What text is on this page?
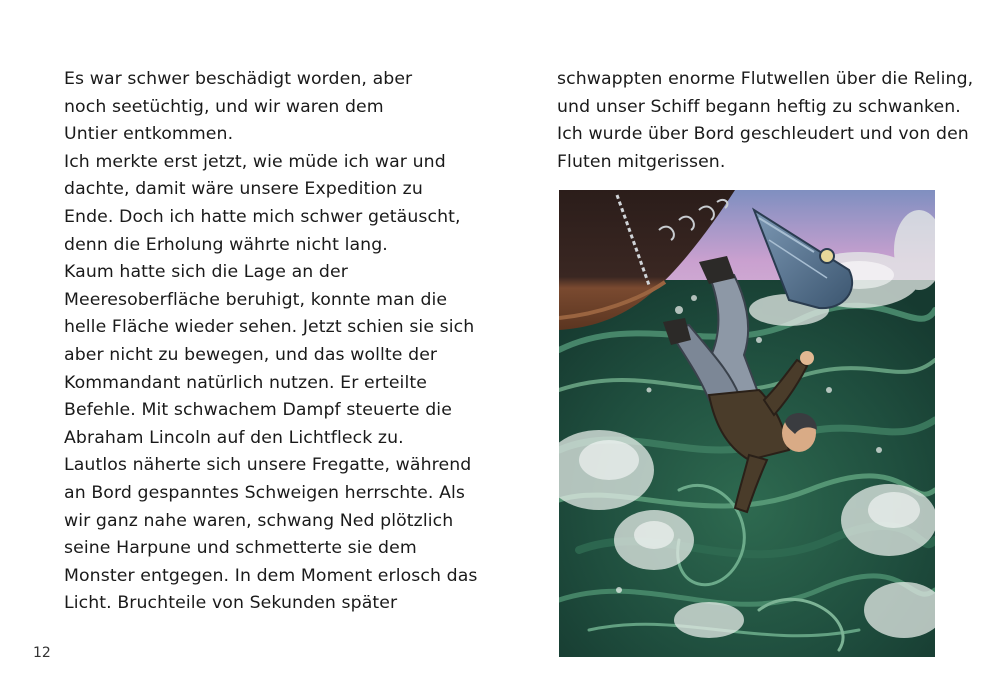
Es war schwer beschädigt worden, aber
noch seetüchtig, und wir waren dem
Untier entkommen.
Ich merkte erst jetzt, wie müde ich war und
dachte, damit wäre unsere Expedition zu
Ende. Doch ich hatte mich schwer getäuscht,
denn die Erholung währte nicht lang.
Kaum hatte sich die Lage an der
Meeresoberfläche beruhigt, konnte man die
helle Fläche wieder sehen. Jetzt schien sie sich
aber nicht zu bewegen, und das wollte der
Kommandant natürlich nutzen. Er erteilte
Befehle. Mit schwachem Dampf steuerte die
Abraham Lincoln auf den Lichtfleck zu.
Lautlos näherte sich unsere Fregatte, während
an Bord gespanntes Schweigen herrschte. Als
wir ganz nahe waren, schwang Ned plötzlich
seine Harpune und schmetterte sie dem
Monster entgegen. In dem Moment erlosch das
Licht. Bruchteile von Sekunden später
12
schwappten enorme Flutwellen über die Reling,
und unser Schiff begann heftig zu schwanken.
Ich wurde über Bord geschleudert und von den
Fluten mitgerissen.
